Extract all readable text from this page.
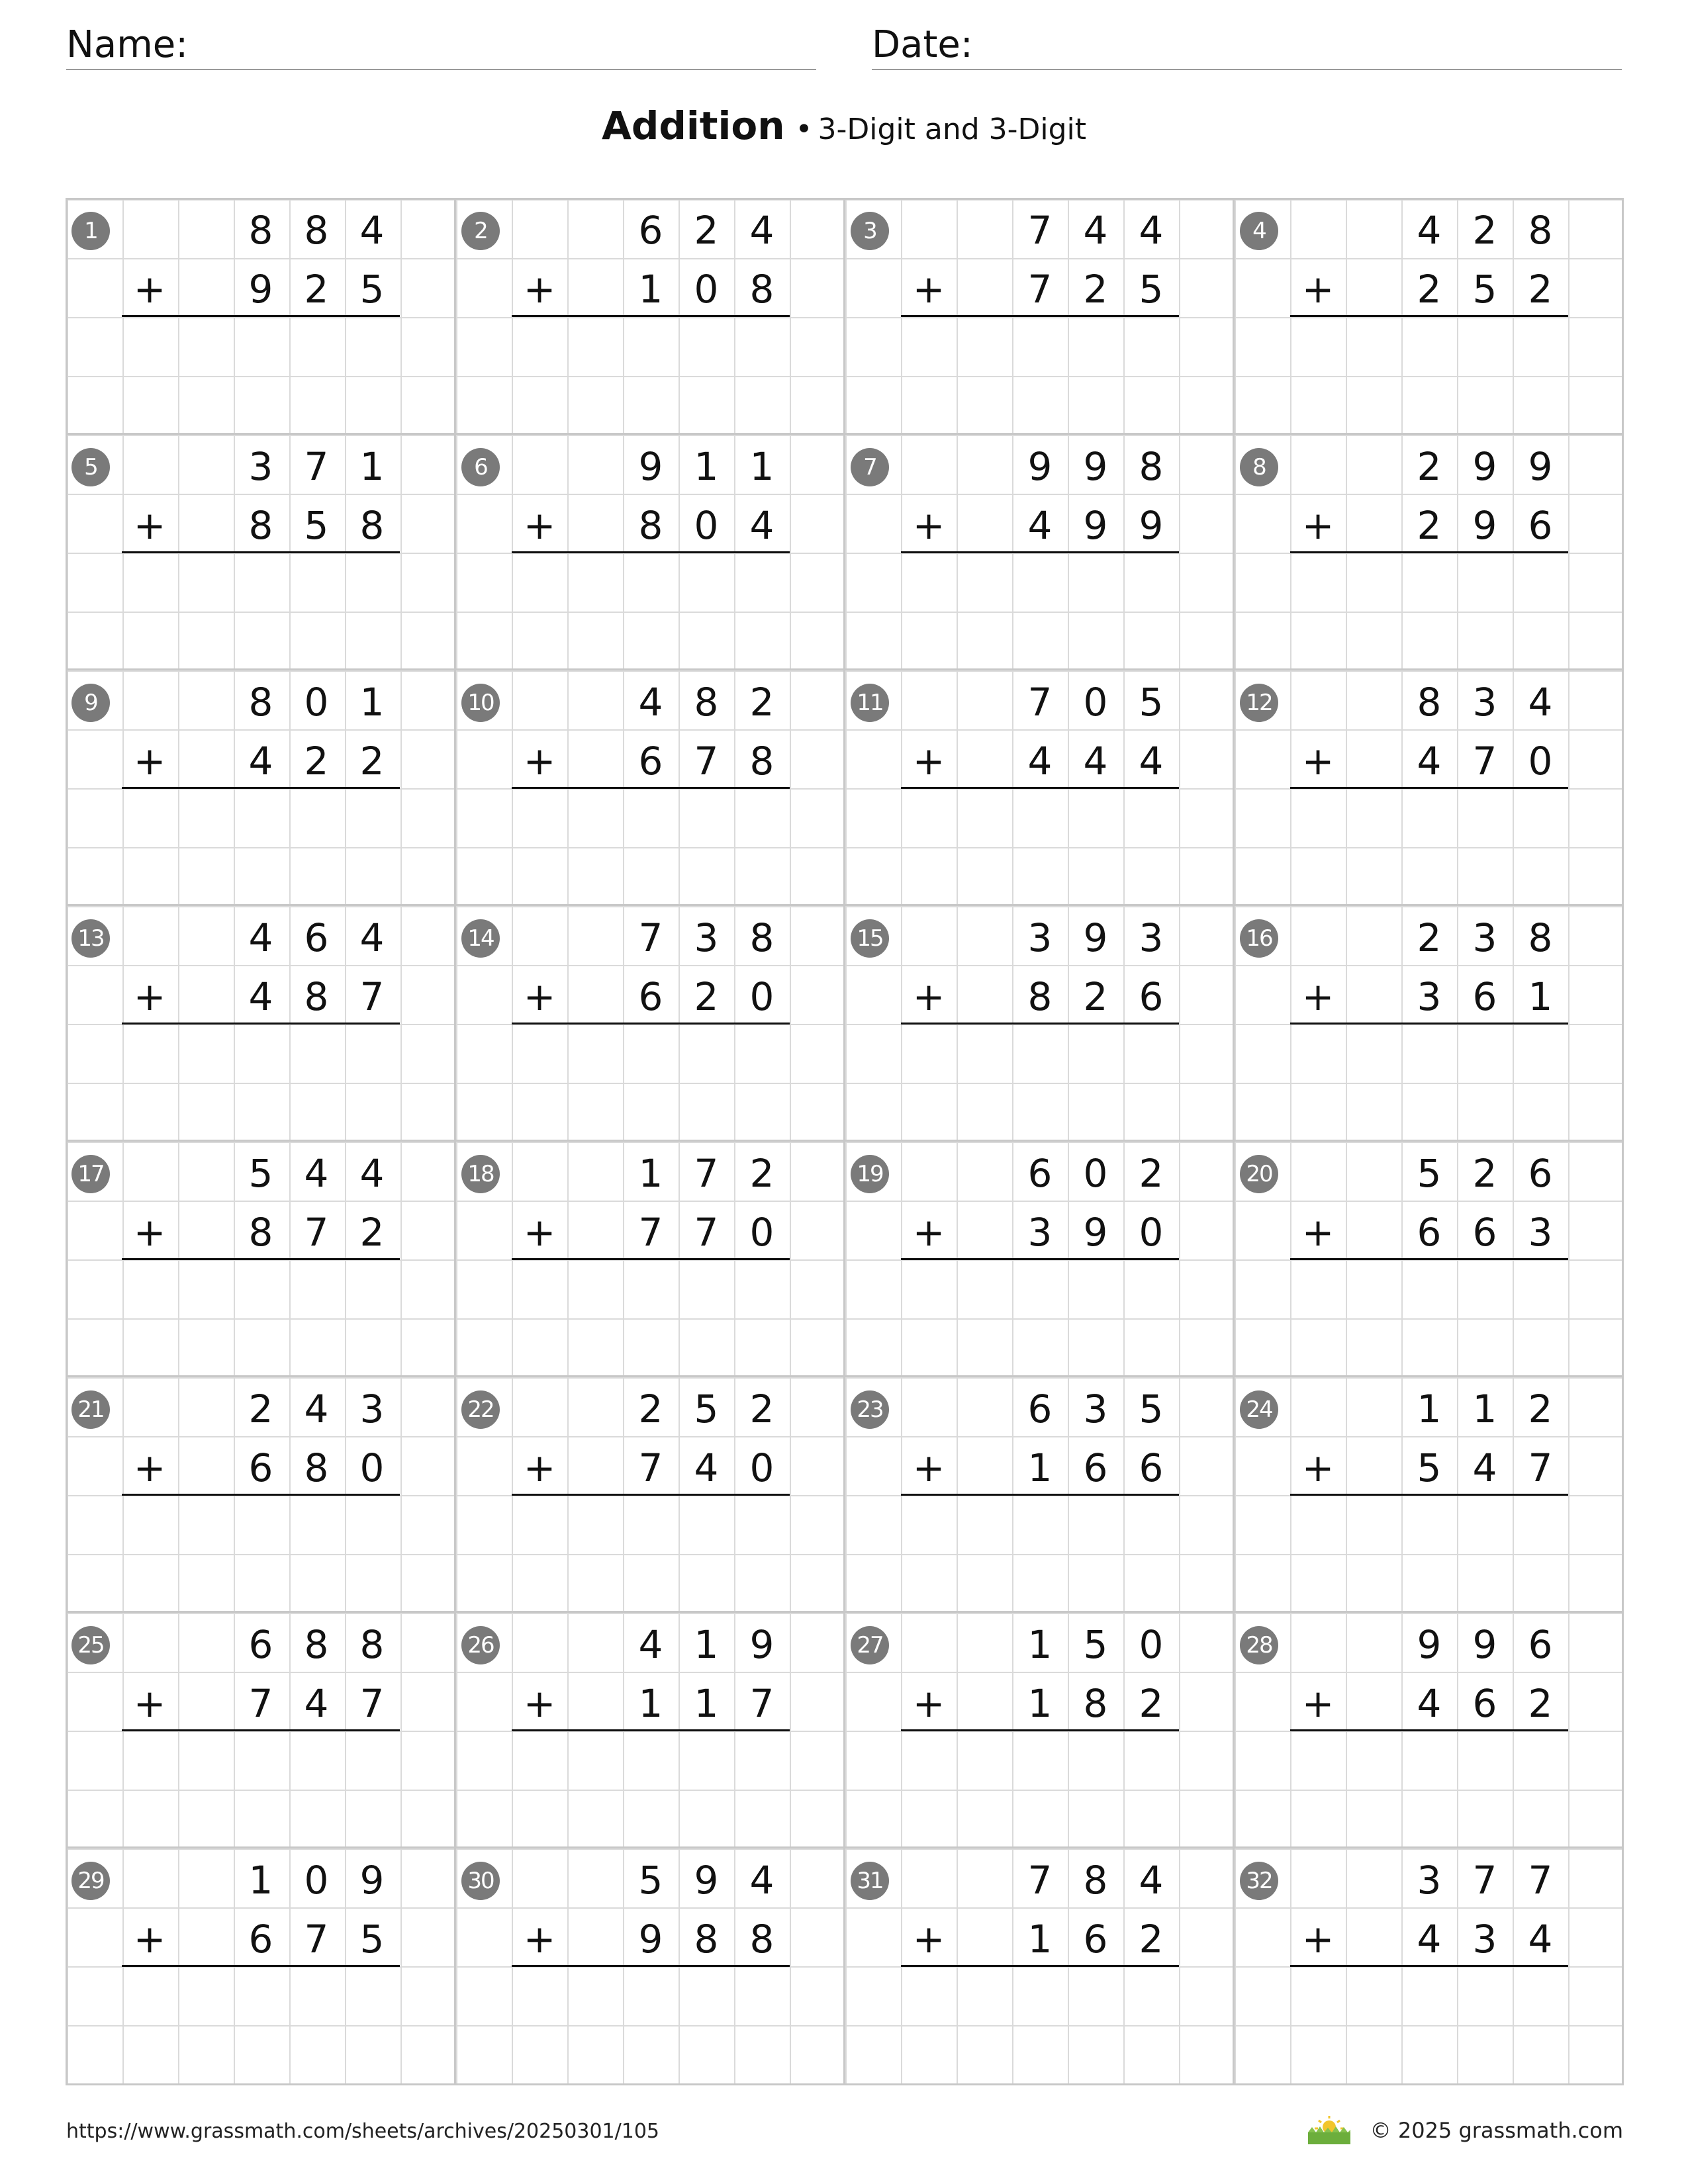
Name:	Date:
Addition • 3-Digit and 3-Digit
1	8 8 4
+	9 2 5
2	6 2 4
+	1 0 8
3	7 4 4
+	7 2 5
4	4 2 8
+	2 5 2
5	3 7 1
+	8 5 8
6	9 1 1
+	8 0 4
7	9 9 8
+	4 9 9
8	2 9 9
+	2 9 6
9	8 0 1
+	4 2 2
10	4 8 2
+	6 7 8
11	7 0 5
+	4 4 4
12	8 3 4
+	4 7 0
13	4 6 4
+	4 8 7
14	7 3 8
+	6 2 0
15	3 9 3
+	8 2 6
16	2 3 8
+	3 6 1
17	5 4 4
+	8 7 2
18	1 7 2
+	7 7 0
19	6 0 2
+	3 9 0
20	5 2 6
+	6 6 3
21	2 4 3
+	6 8 0
22	2 5 2
+	7 4 0
23	6 3 5
+	1 6 6
24	1 1 2
+	5 4 7
25	6 8 8
+	7 4 7
26	4 1 9
+	1 1 7
27	1 5 0
+	1 8 2
28	9 9 6
+	4 6 2
29	1 0 9
+	6 7 5
30	5 9 4
+	9 8 8
31	7 8 4
+	1 6 2
32	3 7 7
+	4 3 4
https://www.grassmath.com/sheets/archives/20250301/105	© 2025 grassmath.com
